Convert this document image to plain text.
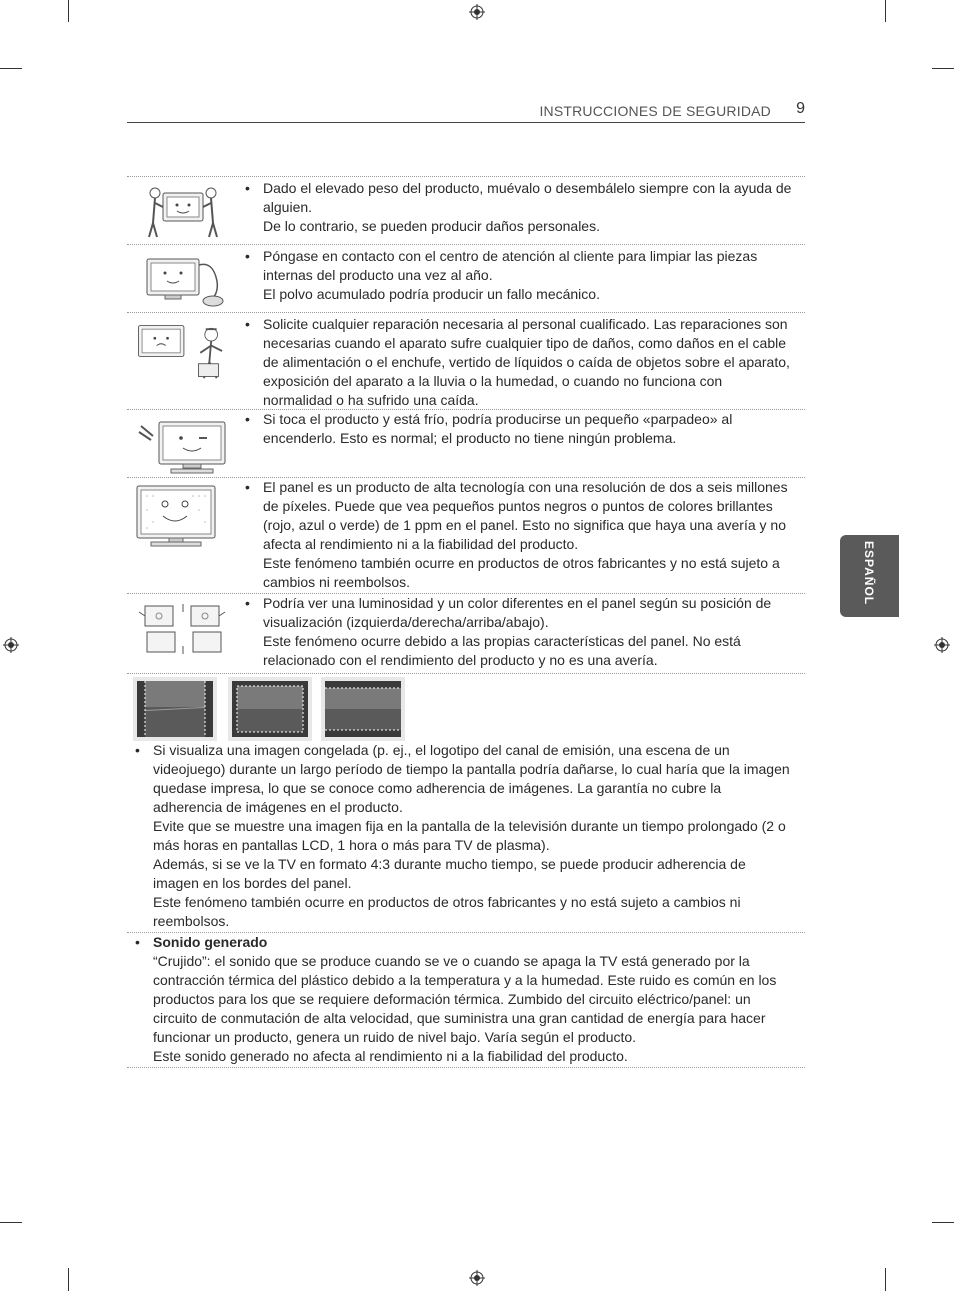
INSTRUCCIONES DE SEGURIDAD 9
ESPAÑOL
• Dado el elevado peso del producto, muévalo o desembálelo siempre con la ayuda de alguien.

De lo contrario, se pueden producir daños personales.

• Póngase en contacto con el centro de atención al cliente para limpiar las piezas internas del producto una vez al año.

El polvo acumulado podría producir un fallo mecánico.

• Solicite cualquier reparación necesaria al personal cualificado. Las reparaciones son necesarias cuando el aparato sufre cualquier tipo de daños, como daños en el cable de alimentación o el enchufe, vertido de líquidos o caída de objetos sobre el aparato, exposición del aparato a la lluvia o la humedad, o cuando no funciona con normalidad o ha sufrido una caída.

• Si toca el producto y está frío, podría producirse un pequeño «parpadeo» al encenderlo. Esto es normal; el producto no tiene ningún problema.

• El panel es un producto de alta tecnología con una resolución de dos a seis millones de píxeles. Puede que vea pequeños puntos negros o puntos de colores brillantes (rojo, azul o verde) de 1 ppm en el panel. Esto no significa que haya una avería y no afecta al rendimiento ni a la fiabilidad del producto.

Este fenómeno también ocurre en productos de otros fabricantes y no está sujeto a cambios ni reembolsos.

• Podría ver una luminosidad y un color diferentes en el panel según su posición de visualización (izquierda/derecha/arriba/abajo).

Este fenómeno ocurre debido a las propias características del panel. No está relacionado con el rendimiento del producto y no es una avería.

• Si visualiza una imagen congelada (p. ej., el logotipo del canal de emisión, una escena de un videojuego) durante un largo período de tiempo la pantalla podría dañarse, lo cual haría que la imagen quedase impresa, lo que se conoce como adherencia de imágenes. La garantía no cubre la adherencia de imágenes en el producto.

Evite que se muestre una imagen fija en la pantalla de la televisión durante un tiempo prolongado (2 o más horas en pantallas LCD, 1 hora o más para TV de plasma).

Además, si se ve la TV en formato 4:3 durante mucho tiempo, se puede producir adherencia de imagen en los bordes del panel.

Este fenómeno también ocurre en productos de otros fabricantes y no está sujeto a cambios ni reembolsos.

• Sonido generado

“Crujido”: el sonido que se produce cuando se ve o cuando se apaga la TV está generado por la contracción térmica del plástico debido a la temperatura y a la humedad. Este ruido es común en los productos para los que se requiere deformación térmica. Zumbido del circuito eléctrico/panel: un circuito de conmutación de alta velocidad, que suministra una gran cantidad de energía para hacer funcionar un producto, genera un ruido de nivel bajo. Varía según el producto.

Este sonido generado no afecta al rendimiento ni a la fiabilidad del producto.
